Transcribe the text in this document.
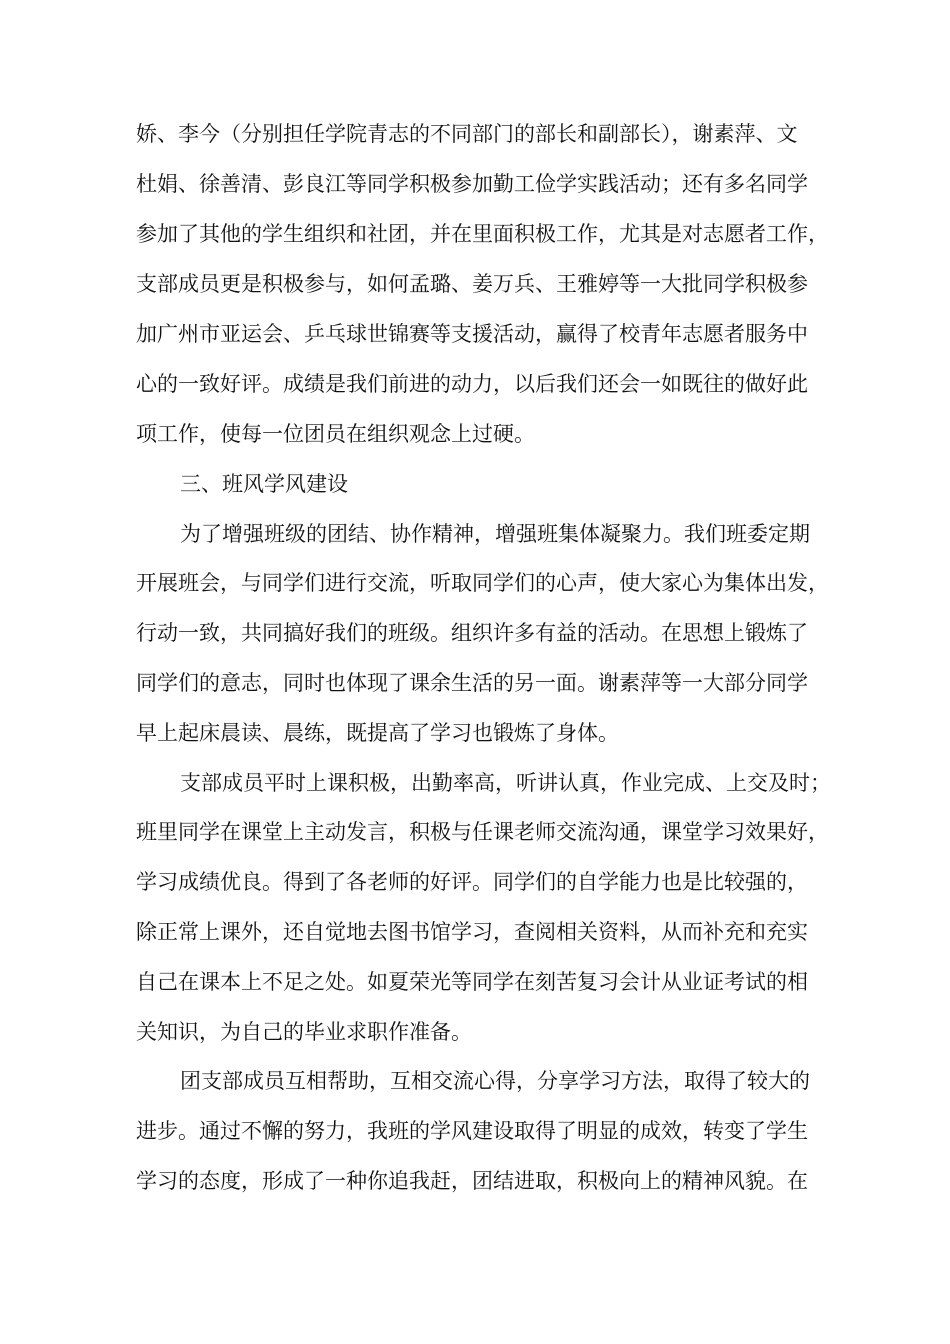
娇、李今（分别担任学院青志的不同部门的部长和副部长），谢素萍、文
杜娟、徐善清、彭良江等同学积极参加勤工俭学实践活动；还有多名同学
参加了其他的学生组织和社团，并在里面积极工作，尤其是对志愿者工作，
支部成员更是积极参与，如何孟璐、姜万兵、王雅婷等一大批同学积极参
加广州市亚运会、乒乓球世锦赛等支援活动，赢得了校青年志愿者服务中
心的一致好评。成绩是我们前进的动力，以后我们还会一如既往的做好此
项工作，使每一位团员在组织观念上过硬。
三、班风学风建设
为了增强班级的团结、协作精神，增强班集体凝聚力。我们班委定期
开展班会，与同学们进行交流，听取同学们的心声，使大家心为集体出发，
行动一致，共同搞好我们的班级。组织许多有益的活动。在思想上锻炼了
同学们的意志，同时也体现了课余生活的另一面。谢素萍等一大部分同学
早上起床晨读、晨练，既提高了学习也锻炼了身体。
支部成员平时上课积极，出勤率高，听讲认真，作业完成、上交及时；
班里同学在课堂上主动发言，积极与任课老师交流沟通，课堂学习效果好，
学习成绩优良。得到了各老师的好评。同学们的自学能力也是比较强的，
除正常上课外，还自觉地去图书馆学习，查阅相关资料，从而补充和充实
自己在课本上不足之处。如夏荣光等同学在刻苦复习会计从业证考试的相
关知识，为自己的毕业求职作准备。
团支部成员互相帮助，互相交流心得，分享学习方法，取得了较大的
进步。通过不懈的努力，我班的学风建设取得了明显的成效，转变了学生
学习的态度，形成了一种你追我赶，团结进取，积极向上的精神风貌。在
